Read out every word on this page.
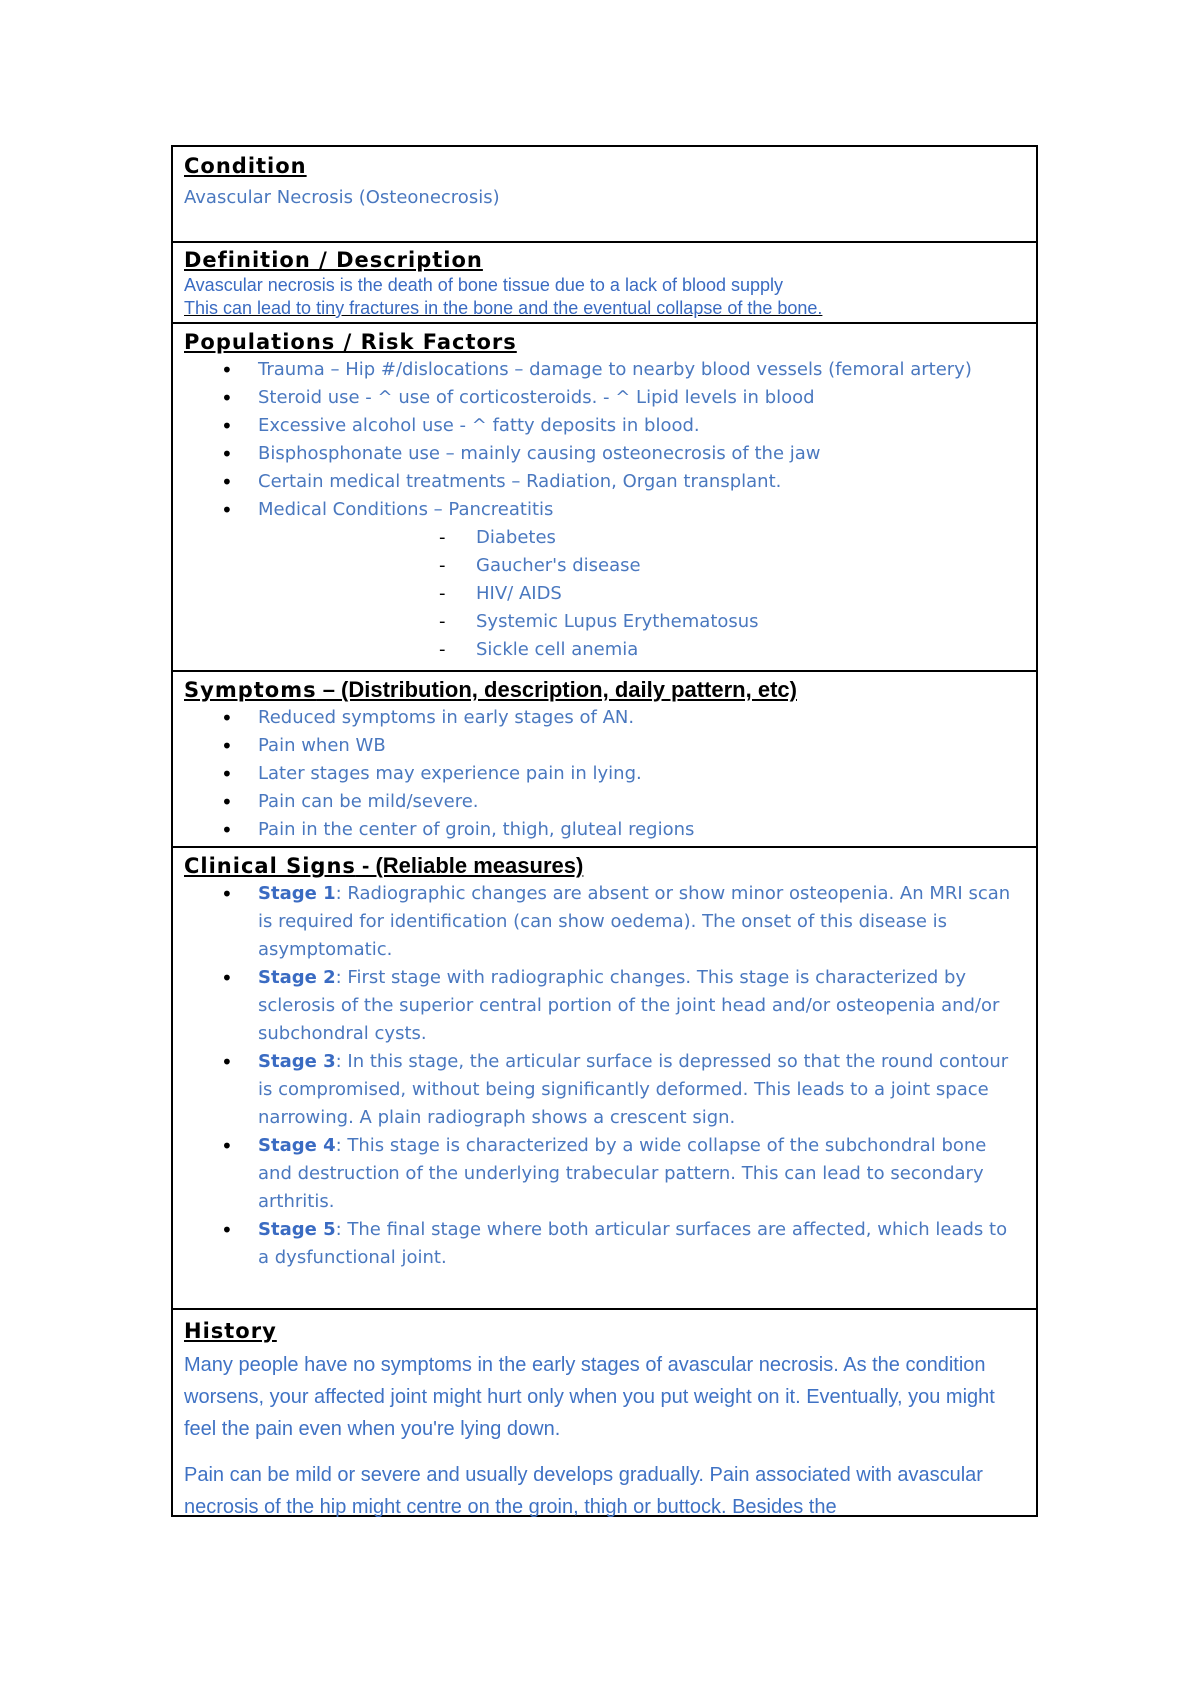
Condition
Avascular Necrosis (Osteonecrosis)
Definition / Description
Avascular necrosis is the death of bone tissue due to a lack of blood supply
This can lead to tiny fractures in the bone and the eventual collapse of the bone.
Populations / Risk Factors
• Trauma – Hip #/dislocations – damage to nearby blood vessels (femoral artery)
• Steroid use - ^ use of corticosteroids. - ^ Lipid levels in blood
• Excessive alcohol use - ^ fatty deposits in blood.
• Bisphosphonate use – mainly causing osteonecrosis of the jaw
• Certain medical treatments – Radiation, Organ transplant.
• Medical Conditions – Pancreatitis
- Diabetes
- Gaucher's disease
- HIV/ AIDS
- Systemic Lupus Erythematosus
- Sickle cell anemia
Symptoms – (Distribution, description, daily pattern, etc)
• Reduced symptoms in early stages of AN.
• Pain when WB
• Later stages may experience pain in lying.
• Pain can be mild/severe.
• Pain in the center of groin, thigh, gluteal regions
Clinical Signs - (Reliable measures)
• Stage 1: Radiographic changes are absent or show minor osteopenia. An MRI scan is required for identification (can show oedema). The onset of this disease is asymptomatic.
• Stage 2: First stage with radiographic changes. This stage is characterized by sclerosis of the superior central portion of the joint head and/or osteopenia and/or subchondral cysts.
• Stage 3: In this stage, the articular surface is depressed so that the round contour is compromised, without being significantly deformed. This leads to a joint space narrowing. A plain radiograph shows a crescent sign.
• Stage 4: This stage is characterized by a wide collapse of the subchondral bone and destruction of the underlying trabecular pattern. This can lead to secondary arthritis.
• Stage 5: The final stage where both articular surfaces are affected, which leads to a dysfunctional joint.
History
Many people have no symptoms in the early stages of avascular necrosis. As the condition worsens, your affected joint might hurt only when you put weight on it. Eventually, you might feel the pain even when you're lying down.
Pain can be mild or severe and usually develops gradually. Pain associated with avascular necrosis of the hip might centre on the groin, thigh or buttock. Besides the
